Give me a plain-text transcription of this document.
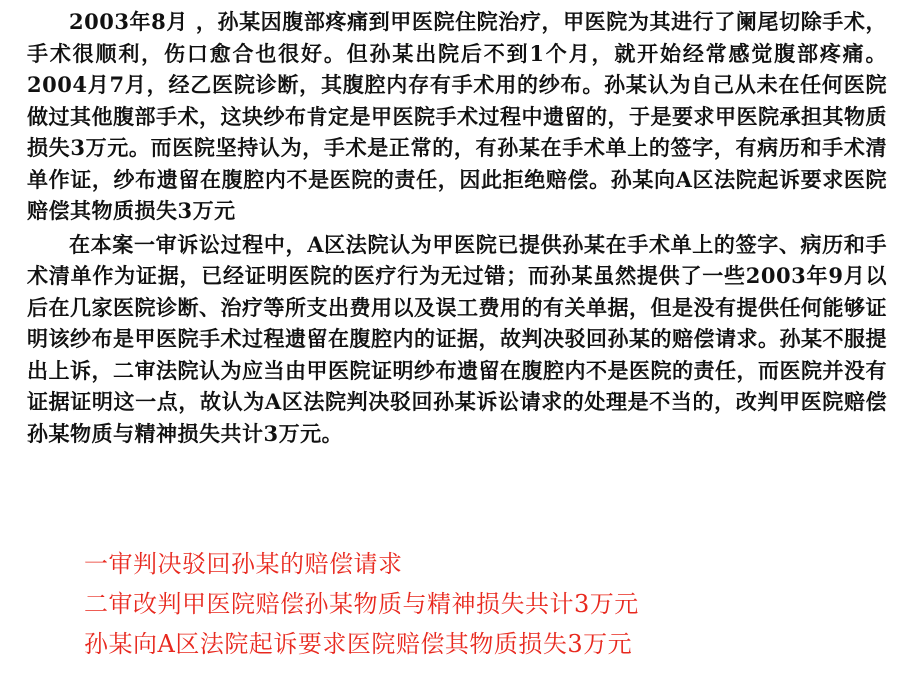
2003年8月 ，孙某因腹部疼痛到甲医院住院治疗，甲医院为其进行了阑尾切除手术，手术很顺利，伤口愈合也很好。但孙某出院后不到1个月，就开始经常感觉腹部疼痛。2004月7月，经乙医院诊断，其腹腔内存有手术用的纱布。孙某认为自己从未在任何医院做过其他腹部手术，这块纱布肯定是甲医院手术过程中遗留的，于是要求甲医院承担其物质损失3万元。而医院坚持认为，手术是正常的，有孙某在手术单上的签字，有病历和手术清单作证，纱布遗留在腹腔内不是医院的责任，因此拒绝赔偿。孙某向A区法院起诉要求医院赔偿其物质损失3万元

在本案一审诉讼过程中，A区法院认为甲医院已提供孙某在手术单上的签字、病历和手术清单作为证据，已经证明医院的医疗行为无过错；而孙某虽然提供了一些2003年9月以后在几家医院诊断、治疗等所支出费用以及误工费用的有关单据，但是没有提供任何能够证明该纱布是甲医院手术过程遗留在腹腔内的证据，故判决驳回孙某的赔偿请求。孙某不服提出上诉，二审法院认为应当由甲医院证明纱布遗留在腹腔内不是医院的责任，而医院并没有证据证明这一点，故认为A区法院判决驳回孙某诉讼请求的处理是不当的，改判甲医院赔偿孙某物质与精神损失共计3万元。

一审判决驳回孙某的赔偿请求
二审改判甲医院赔偿孙某物质与精神损失共计3万元
孙某向A区法院起诉要求医院赔偿其物质损失3万元
